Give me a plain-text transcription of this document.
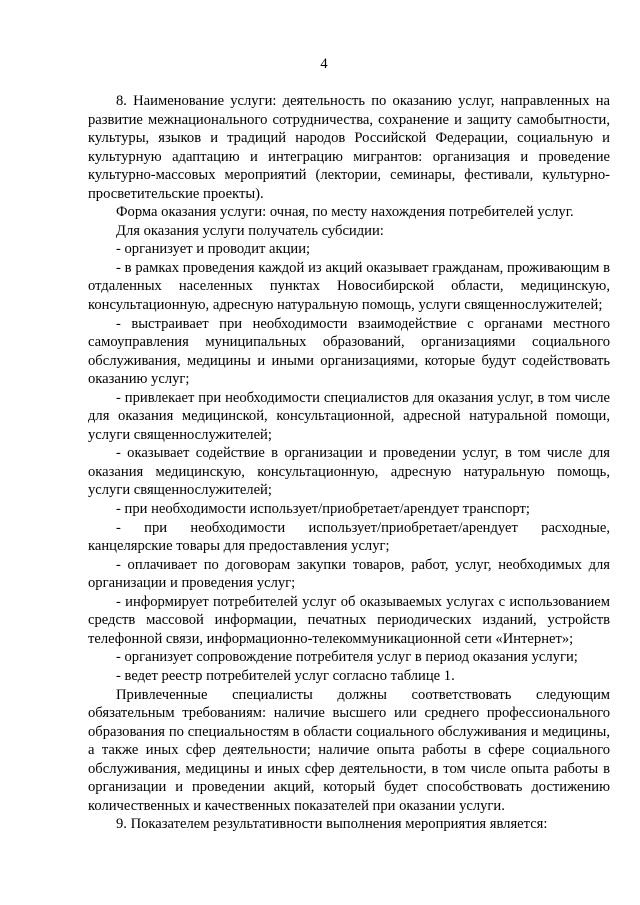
4

8. Наименование услуги: деятельность по оказанию услуг, направленных на развитие межнационального сотрудничества, сохранение и защиту самобытности, культуры, языков и традиций народов Российской Федерации, социальную и культурную адаптацию и интеграцию мигрантов: организация и проведение культурно-массовых мероприятий (лектории, семинары, фестивали, культурно-просветительские проекты).

Форма оказания услуги: очная, по месту нахождения потребителей услуг.

Для оказания услуги получатель субсидии:

- организует и проводит акции;

- в рамках проведения каждой из акций оказывает гражданам, проживающим в отдаленных населенных пунктах Новосибирской области, медицинскую, консультационную, адресную натуральную помощь, услуги священнослужителей;

- выстраивает при необходимости взаимодействие с органами местного самоуправления муниципальных образований, организациями социального обслуживания, медицины и иными организациями, которые будут содействовать оказанию услуг;

- привлекает при необходимости специалистов для оказания услуг, в том числе для оказания медицинской, консультационной, адресной натуральной помощи, услуги священнослужителей;

- оказывает содействие в организации и проведении услуг, в том числе для оказания медицинскую, консультационную, адресную натуральную помощь, услуги священнослужителей;

- при необходимости использует/приобретает/арендует транспорт;

- при необходимости использует/приобретает/арендует расходные, канцелярские товары для предоставления услуг;

- оплачивает по договорам закупки товаров, работ, услуг, необходимых для организации и проведения услуг;

- информирует потребителей услуг об оказываемых услугах с использованием средств массовой информации, печатных периодических изданий, устройств телефонной связи, информационно-телекоммуникационной сети «Интернет»;

- организует сопровождение потребителя услуг в период оказания услуги;

- ведет реестр потребителей услуг согласно таблице 1.

Привлеченные специалисты должны соответствовать следующим обязательным требованиям: наличие высшего или среднего профессионального образования по специальностям в области социального обслуживания и медицины, а также иных сфер деятельности; наличие опыта работы в сфере социального обслуживания, медицины и иных сфер деятельности, в том числе опыта работы в организации и проведении акций, который будет способствовать достижению количественных и качественных показателей при оказании услуги.

9. Показателем результативности выполнения мероприятия является:
